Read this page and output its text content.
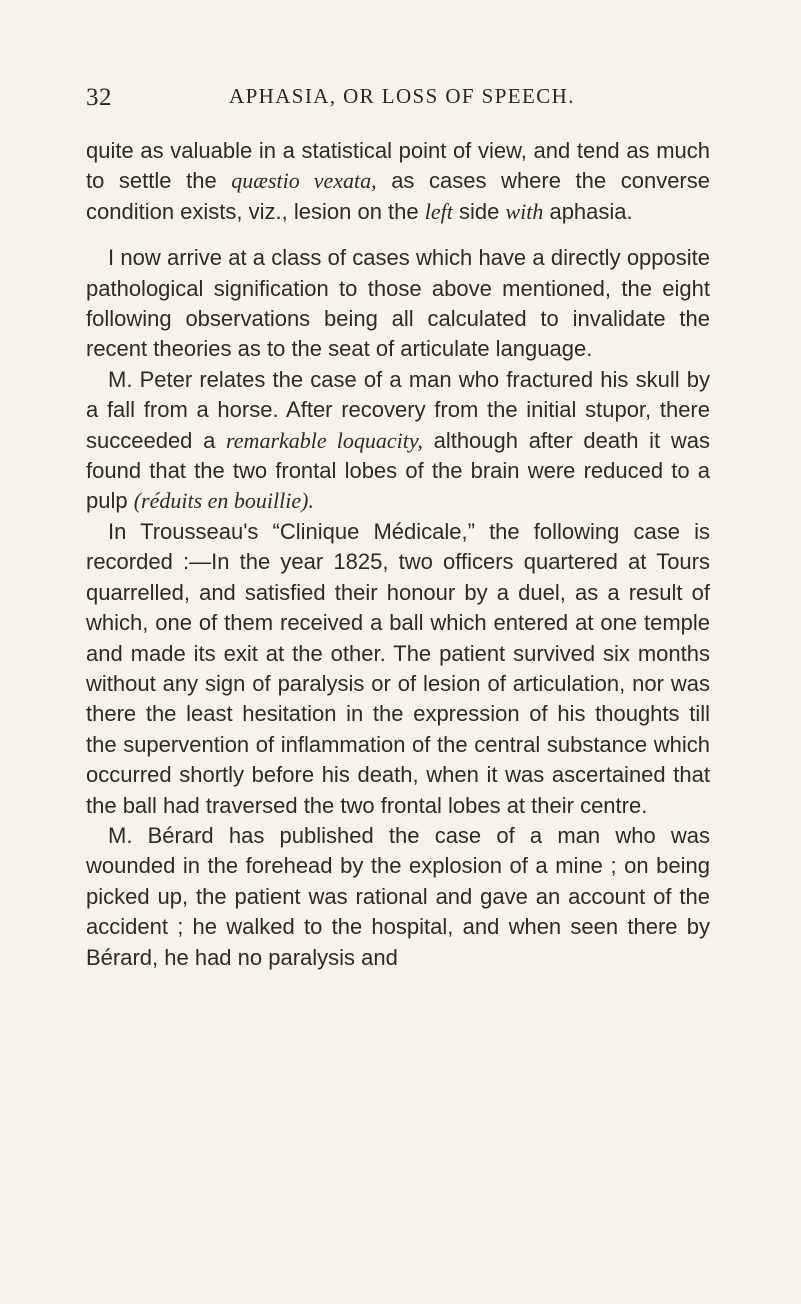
32	APHASIA, OR LOSS OF SPEECH.

quite as valuable in a statistical point of view, and tend as much to settle the quæstio vexata, as cases where the converse condition exists, viz., lesion on the left side with aphasia.

I now arrive at a class of cases which have a directly opposite pathological signification to those above mentioned, the eight following observations being all calculated to invalidate the recent theories as to the seat of articulate language.

M. Peter relates the case of a man who fractured his skull by a fall from a horse. After recovery from the initial stupor, there succeeded a remarkable loquacity, although after death it was found that the two frontal lobes of the brain were reduced to a pulp (réduits en bouillie).

In Trousseau's “Clinique Médicale,” the following case is recorded :—In the year 1825, two officers quartered at Tours quarrelled, and satisfied their honour by a duel, as a result of which, one of them received a ball which entered at one temple and made its exit at the other. The patient survived six months without any sign of paralysis or of lesion of articulation, nor was there the least hesitation in the expression of his thoughts till the supervention of inflammation of the central substance which occurred shortly before his death, when it was ascertained that the ball had traversed the two frontal lobes at their centre.

M. Bérard has published the case of a man who was wounded in the forehead by the explosion of a mine ; on being picked up, the patient was rational and gave an account of the accident ; he walked to the hospital, and when seen there by Bérard, he had no paralysis and
